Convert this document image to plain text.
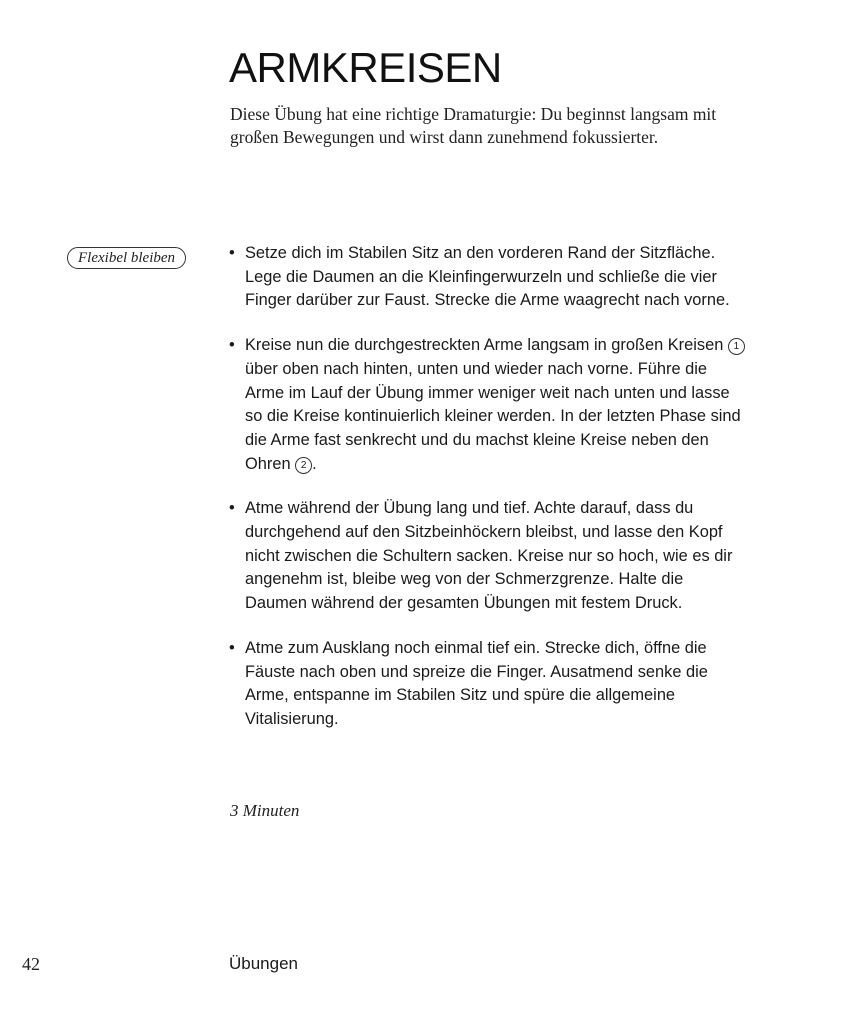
ARMKREISEN

Diese Übung hat eine richtige Dramaturgie: Du beginnst langsam mit großen Bewegungen und wirst dann zunehmend fokussierter.

Flexibel bleiben
•	Setze dich im Stabilen Sitz an den vorderen Rand der Sitzfläche. Lege die Daumen an die Kleinfingerwurzeln und schließe die vier Finger darüber zur Faust. Strecke die Arme waagrecht nach vorne.
• Kreise nun die durchgestreckten Arme langsam in großen Kreisen 1 über oben nach hinten, unten und wieder nach vorne. Führe die Arme im Lauf der Übung immer weniger weit nach unten und lasse so die Kreise kontinuierlich kleiner werden. In der letzten Phase sind die Arme fast senkrecht und du machst kleine Kreise neben den Ohren 2 .
• Atme während der Übung lang und tief. Achte darauf, dass du durchgehend auf den Sitzbeinhöckern bleibst, und lasse den Kopf nicht zwischen die Schultern sacken. Kreise nur so hoch, wie es dir angenehm ist, bleibe weg von der Schmerzgrenze. Halte die Daumen während der gesamten Übungen mit festem Druck.
• Atme zum Ausklang noch einmal tief ein. Strecke dich, öffne die Fäuste nach oben und spreize die Finger. Ausatmend senke die Arme, entspanne im Stabilen Sitz und spüre die allgemeine Vitalisierung.
3 Minuten
42	Übungen
